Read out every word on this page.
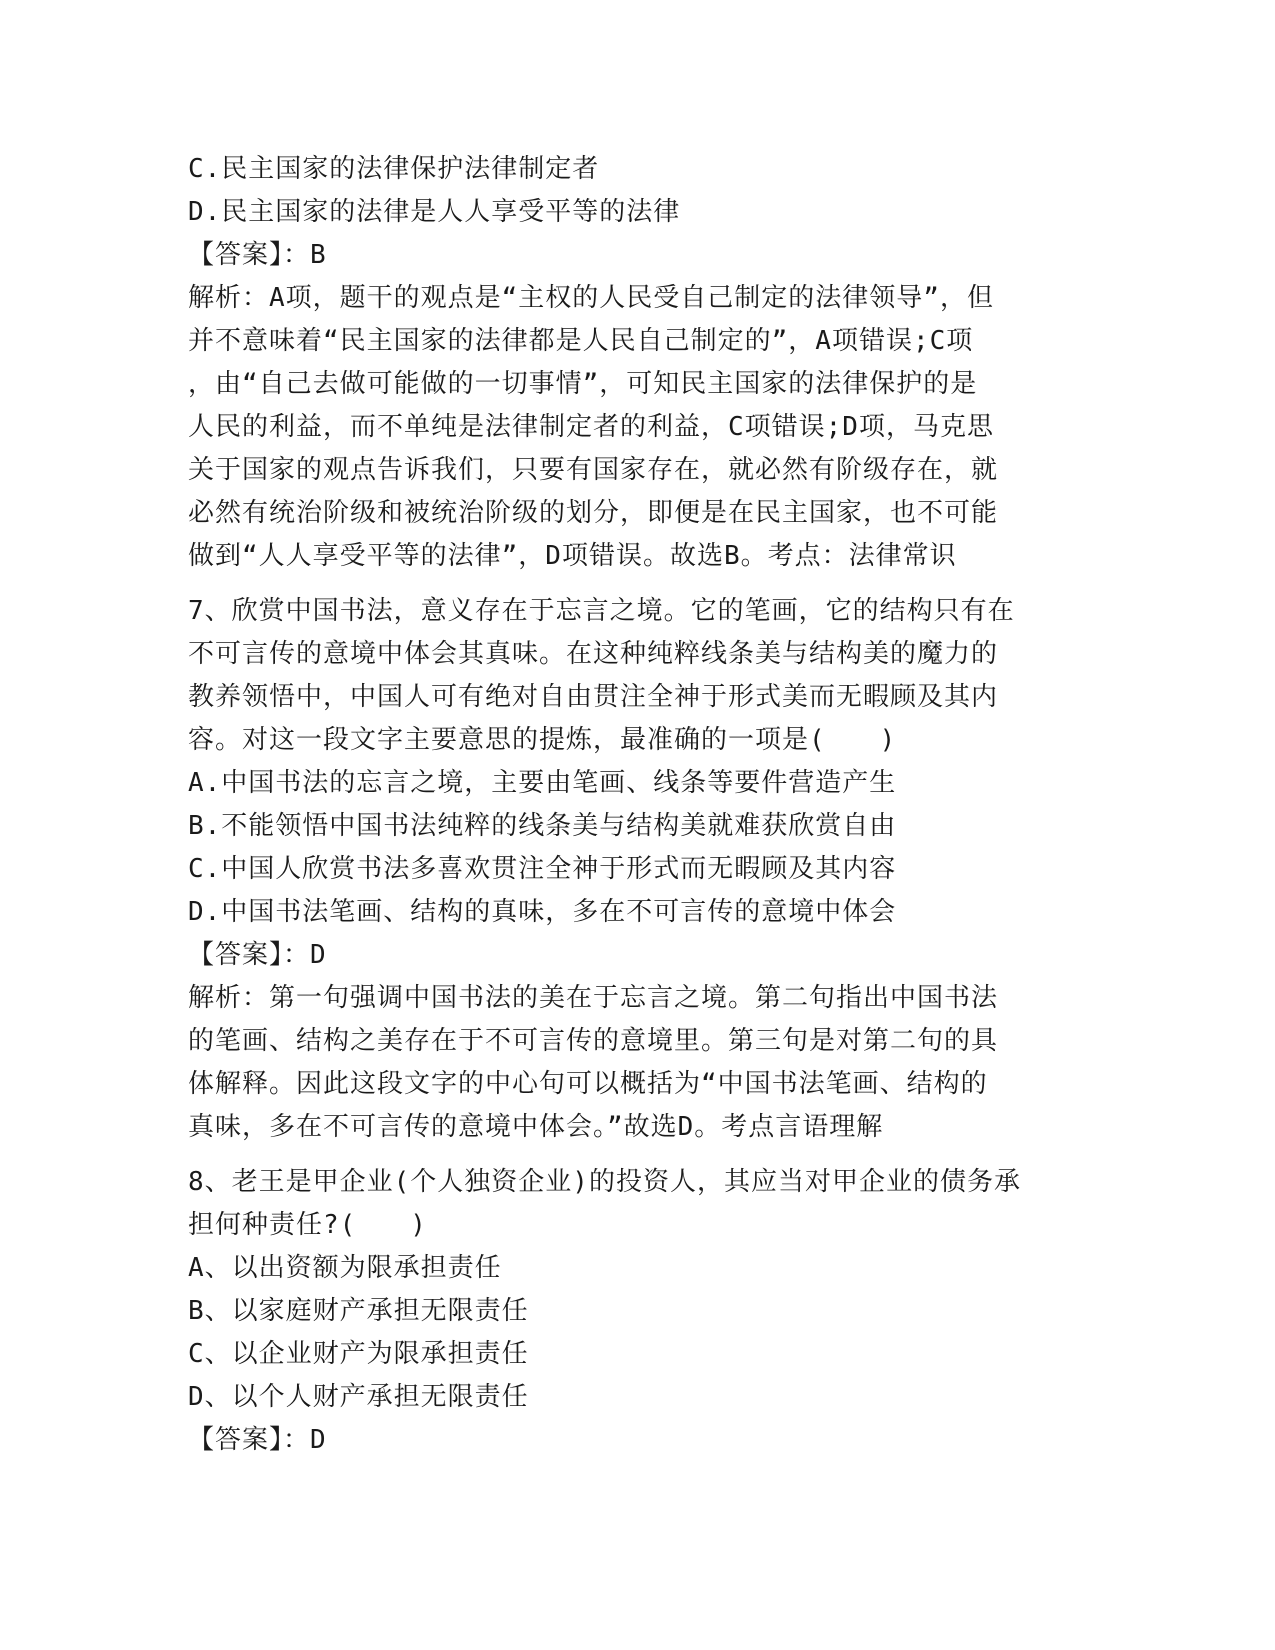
C.民主国家的法律保护法律制定者
D.民主国家的法律是人人享受平等的法律
【答案】：B
解析：A项，题干的观点是“主权的人民受自己制定的法律领导”，但
并不意味着“民主国家的法律都是人民自己制定的”，A项错误;C项
，由“自己去做可能做的一切事情”，可知民主国家的法律保护的是
人民的利益，而不单纯是法律制定者的利益，C项错误;D项，马克思
关于国家的观点告诉我们，只要有国家存在，就必然有阶级存在，就
必然有统治阶级和被统治阶级的划分，即便是在民主国家，也不可能
做到“人人享受平等的法律”，D项错误。故选B。考点：法律常识
7、欣赏中国书法，意义存在于忘言之境。它的笔画，它的结构只有在
不可言传的意境中体会其真味。在这种纯粹线条美与结构美的魔力的
教养领悟中，中国人可有绝对自由贯注全神于形式美而无暇顾及其内
容。对这一段文字主要意思的提炼，最准确的一项是(　　)
A.中国书法的忘言之境，主要由笔画、线条等要件营造产生
B.不能领悟中国书法纯粹的线条美与结构美就难获欣赏自由
C.中国人欣赏书法多喜欢贯注全神于形式而无暇顾及其内容
D.中国书法笔画、结构的真味，多在不可言传的意境中体会
【答案】：D
解析：第一句强调中国书法的美在于忘言之境。第二句指出中国书法
的笔画、结构之美存在于不可言传的意境里。第三句是对第二句的具
体解释。因此这段文字的中心句可以概括为“中国书法笔画、结构的
真味，多在不可言传的意境中体会。”故选D。考点言语理解
8、老王是甲企业(个人独资企业)的投资人，其应当对甲企业的债务承
担何种责任?(　　)
A、以出资额为限承担责任
B、以家庭财产承担无限责任
C、以企业财产为限承担责任
D、以个人财产承担无限责任
【答案】：D
